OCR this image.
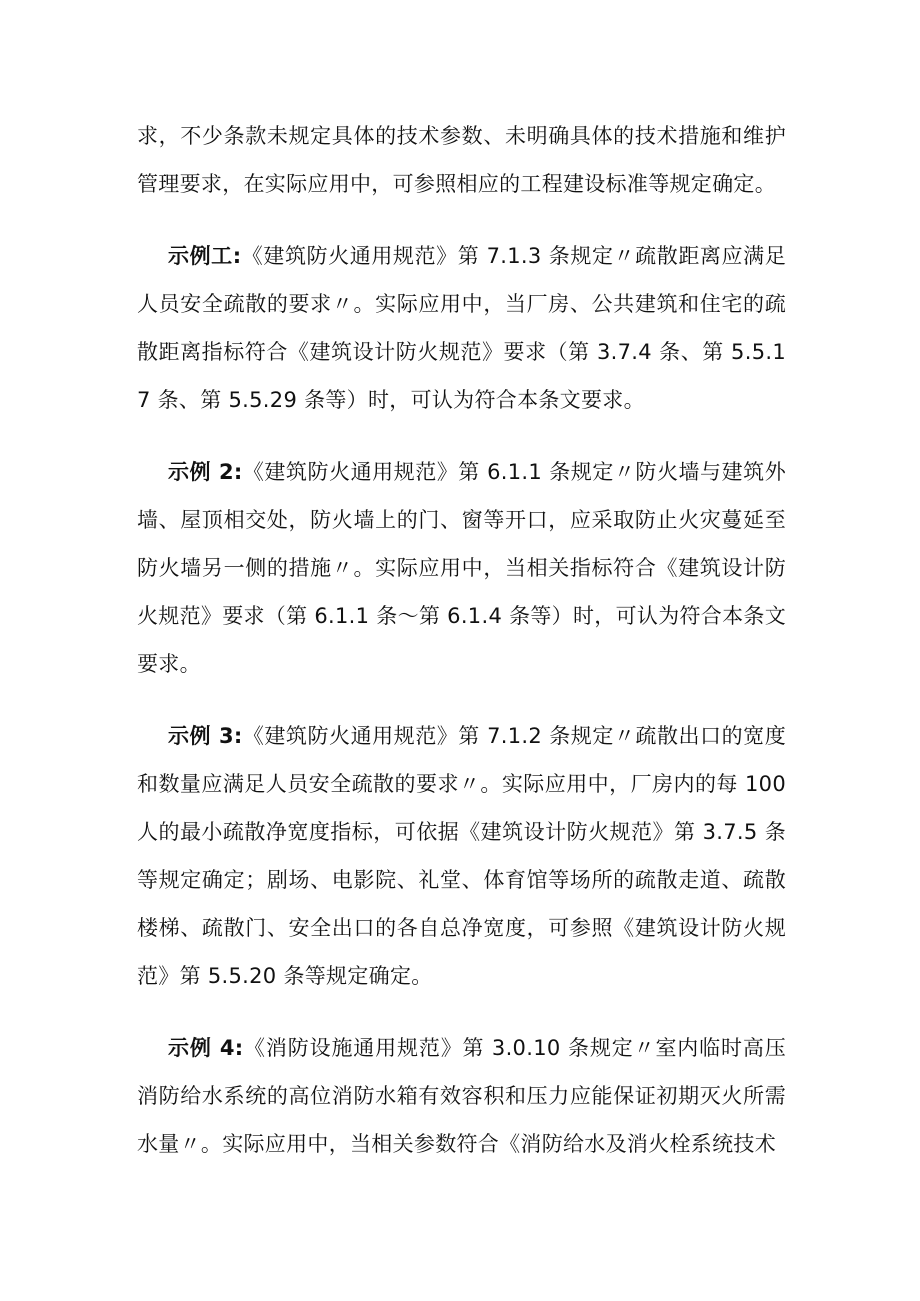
求，不少条款未规定具体的技术参数、未明确具体的技术措施和维护管理要求，在实际应用中，可参照相应的工程建设标准等规定确定。

示例工:《建筑防火通用规范》第 7.1.3 条规定〃疏散距离应满足人员安全疏散的要求〃。实际应用中，当厂房、公共建筑和住宅的疏散距离指标符合《建筑设计防火规范》要求（第 3.7.4 条、第 5.5.17 条、第 5.5.29 条等）时，可认为符合本条文要求。

示例 2:《建筑防火通用规范》第 6.1.1 条规定〃防火墙与建筑外墙、屋顶相交处，防火墙上的门、窗等开口，应采取防止火灾蔓延至防火墙另一侧的措施〃。实际应用中，当相关指标符合《建筑设计防火规范》要求（第 6.1.1 条～第 6.1.4 条等）时，可认为符合本条文要求。

示例 3:《建筑防火通用规范》第 7.1.2 条规定〃疏散出口的宽度和数量应满足人员安全疏散的要求〃。实际应用中，厂房内的每 100 人的最小疏散净宽度指标，可依据《建筑设计防火规范》第 3.7.5 条等规定确定；剧场、电影院、礼堂、体育馆等场所的疏散走道、疏散楼梯、疏散门、安全出口的各自总净宽度，可参照《建筑设计防火规范》第 5.5.20 条等规定确定。

示例 4:《消防设施通用规范》第 3.0.10 条规定〃室内临时高压消防给水系统的高位消防水箱有效容积和压力应能保证初期灭火所需水量〃。实际应用中，当相关参数符合《消防给水及消火栓系统技术
